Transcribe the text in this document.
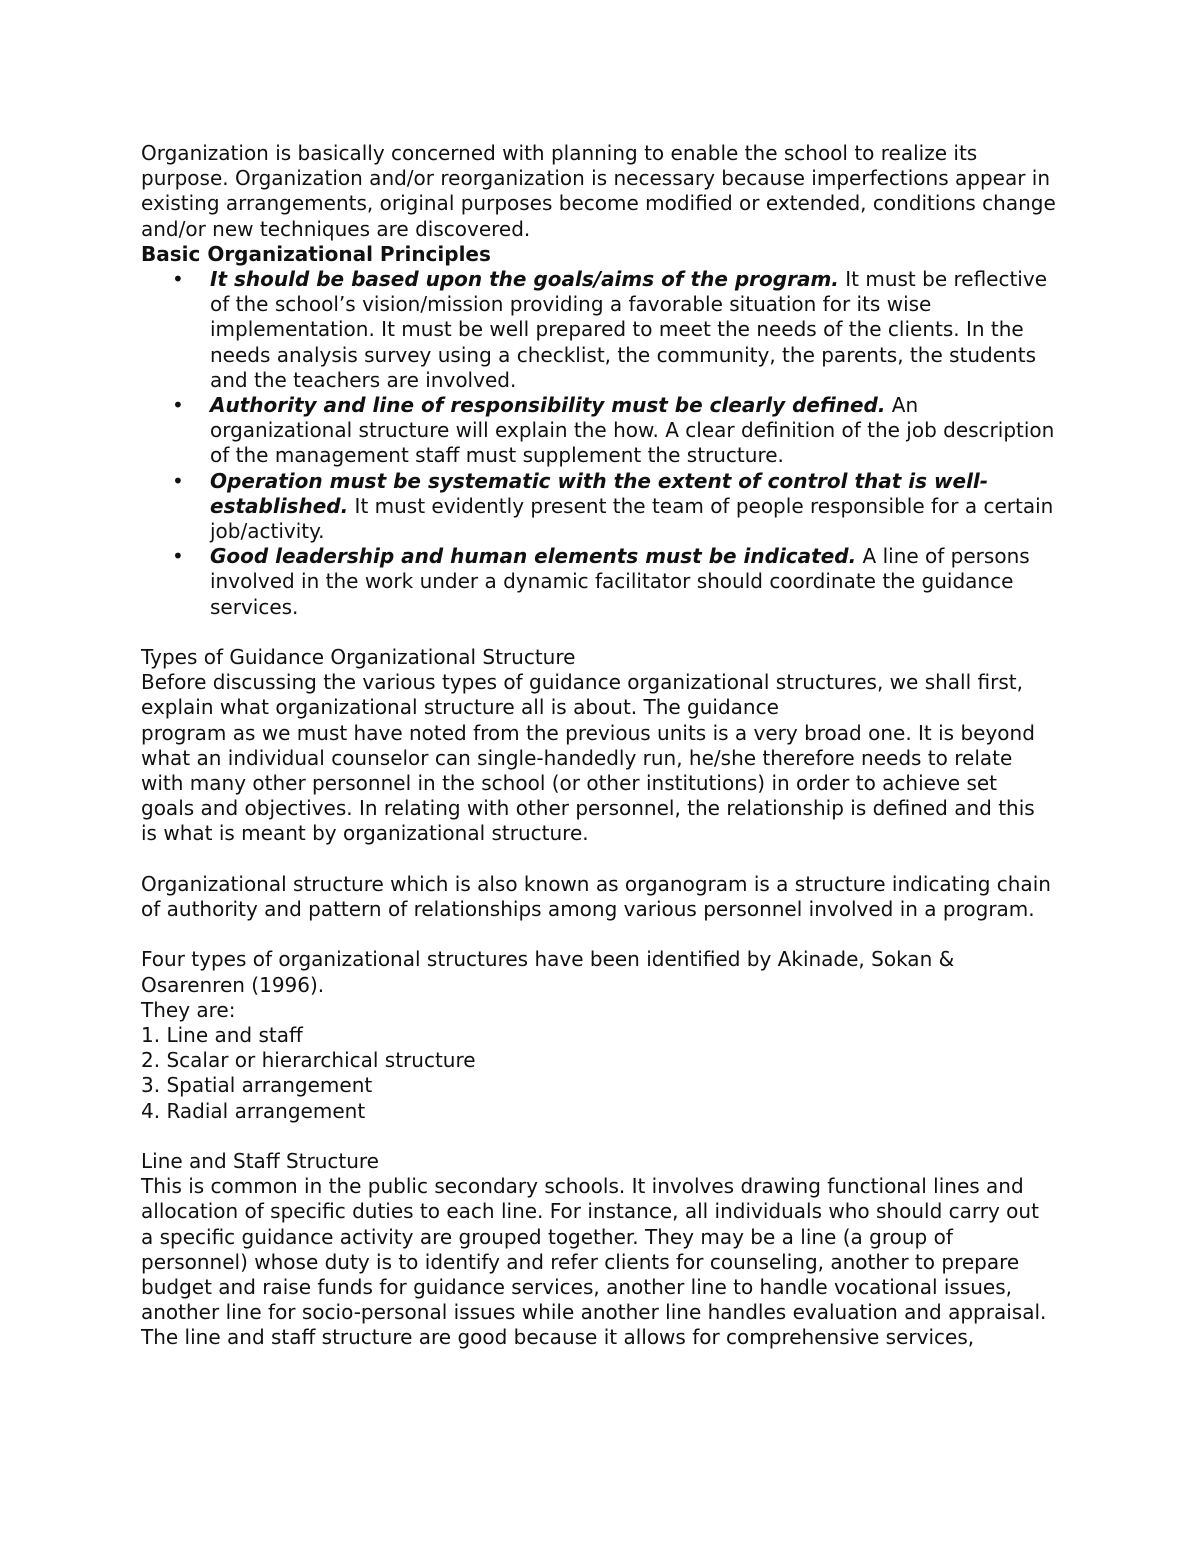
Organization is basically concerned with planning to enable the school to realize its purpose. Organization and/or reorganization is necessary because imperfections appear in existing arrangements, original purposes become modified or extended, conditions change and/or new techniques are discovered.

Basic Organizational Principles

• It should be based upon the goals/aims of the program. It must be reflective of the school’s vision/mission providing a favorable situation for its wise implementation. It must be well prepared to meet the needs of the clients. In the needs analysis survey using a checklist, the community, the parents, the students and the teachers are involved.
• Authority and line of responsibility must be clearly defined. An organizational structure will explain the how. A clear definition of the job description of the management staff must supplement the structure.
• Operation must be systematic with the extent of control that is well-established. It must evidently present the team of people responsible for a certain job/activity.
• Good leadership and human elements must be indicated. A line of persons involved in the work under a dynamic facilitator should coordinate the guidance services.

Types of Guidance Organizational Structure

Before discussing the various types of guidance organizational structures, we shall first, explain what organizational structure all is about. The guidance

program as we must have noted from the previous units is a very broad one. It is beyond what an individual counselor can single-handedly run, he/she therefore needs to relate with many other personnel in the school (or other institutions) in order to achieve set goals and objectives. In relating with other personnel, the relationship is defined and this is what is meant by organizational structure.

Organizational structure which is also known as organogram is a structure indicating chain of authority and pattern of relationships among various personnel involved in a program.

Four types of organizational structures have been identified by Akinade, Sokan & Osarenren (1996).

They are:

1. Line and staff
2. Scalar or hierarchical structure
3. Spatial arrangement
4. Radial arrangement

Line and Staff Structure

This is common in the public secondary schools. It involves drawing functional lines and allocation of specific duties to each line. For instance, all individuals who should carry out a specific guidance activity are grouped together. They may be a line (a group of personnel) whose duty is to identify and refer clients for counseling, another to prepare budget and raise funds for guidance services, another line to handle vocational issues, another line for socio-personal issues while another line handles evaluation and appraisal.

The line and staff structure are good because it allows for comprehensive services,
